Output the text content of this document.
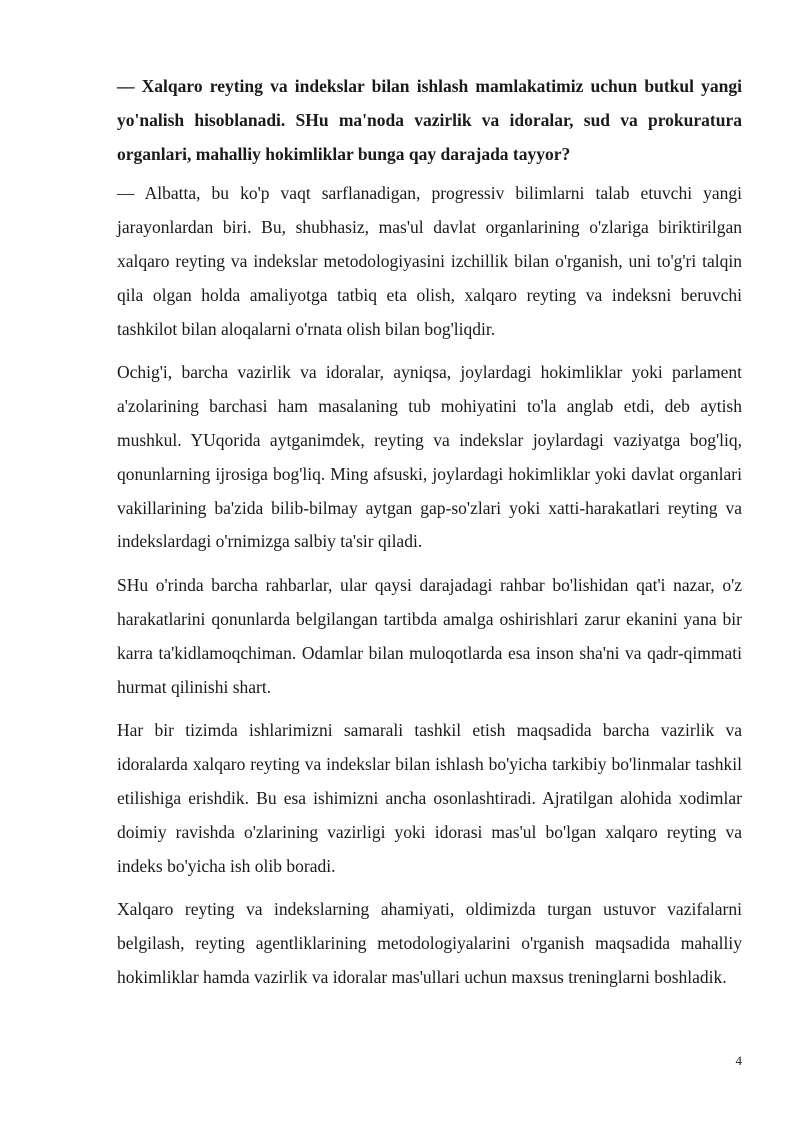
— Xalqaro reyting va indekslar bilan ishlash mamlakatimiz uchun butkul yangi yo'nalish hisoblanadi. SHu ma'noda vazirlik va idoralar, sud va prokuratura organlari, mahalliy hokimliklar bunga qay darajada tayyor?

— Albatta, bu ko'p vaqt sarflanadigan, progressiv bilimlarni talab etuvchi yangi jarayonlardan biri. Bu, shubhasiz, mas'ul davlat organlarining o'zlariga biriktirilgan xalqaro reyting va indekslar metodologiyasini izchillik bilan o'rganish, uni to'g'ri talqin qila olgan holda amaliyotga tatbiq eta olish, xalqaro reyting va indeksni beruvchi tashkilot bilan aloqalarni o'rnata olish bilan bog'liqdir.

Ochig'i, barcha vazirlik va idoralar, ayniqsa, joylardagi hokimliklar yoki parlament a'zolarining barchasi ham masalaning tub mohiyatini to'la anglab etdi, deb aytish mushkul. YUqorida aytganimdek, reyting va indekslar joylardagi vaziyatga bog'liq, qonunlarning ijrosiga bog'liq. Ming afsuski, joylardagi hokimliklar yoki davlat organlari vakillarining ba'zida bilib-bilmay aytgan gap-so'zlari yoki xatti-harakatlari reyting va indekslardagi o'rnimizga salbiy ta'sir qiladi.

SHu o'rinda barcha rahbarlar, ular qaysi darajadagi rahbar bo'lishidan qat'i nazar, o'z harakatlarini qonunlarda belgilangan tartibda amalga oshirishlari zarur ekanini yana bir karra ta'kidlamoqchiman. Odamlar bilan muloqotlarda esa inson sha'ni va qadr-qimmati hurmat qilinishi shart.

Har bir tizimda ishlarimizni samarali tashkil etish maqsadida barcha vazirlik va idoralarda xalqaro reyting va indekslar bilan ishlash bo'yicha tarkibiy bo'linmalar tashkil etilishiga erishdik. Bu esa ishimizni ancha osonlashtiradi. Ajratilgan alohida xodimlar doimiy ravishda o'zlarining vazirligi yoki idorasi mas'ul bo'lgan xalqaro reyting va indeks bo'yicha ish olib boradi.

Xalqaro reyting va indekslarning ahamiyati, oldimizda turgan ustuvor vazifalarni belgilash, reyting agentliklarining metodologiyalarini o'rganish maqsadida mahalliy hokimliklar hamda vazirlik va idoralar mas'ullari uchun maxsus treninglarni boshladik.

4
